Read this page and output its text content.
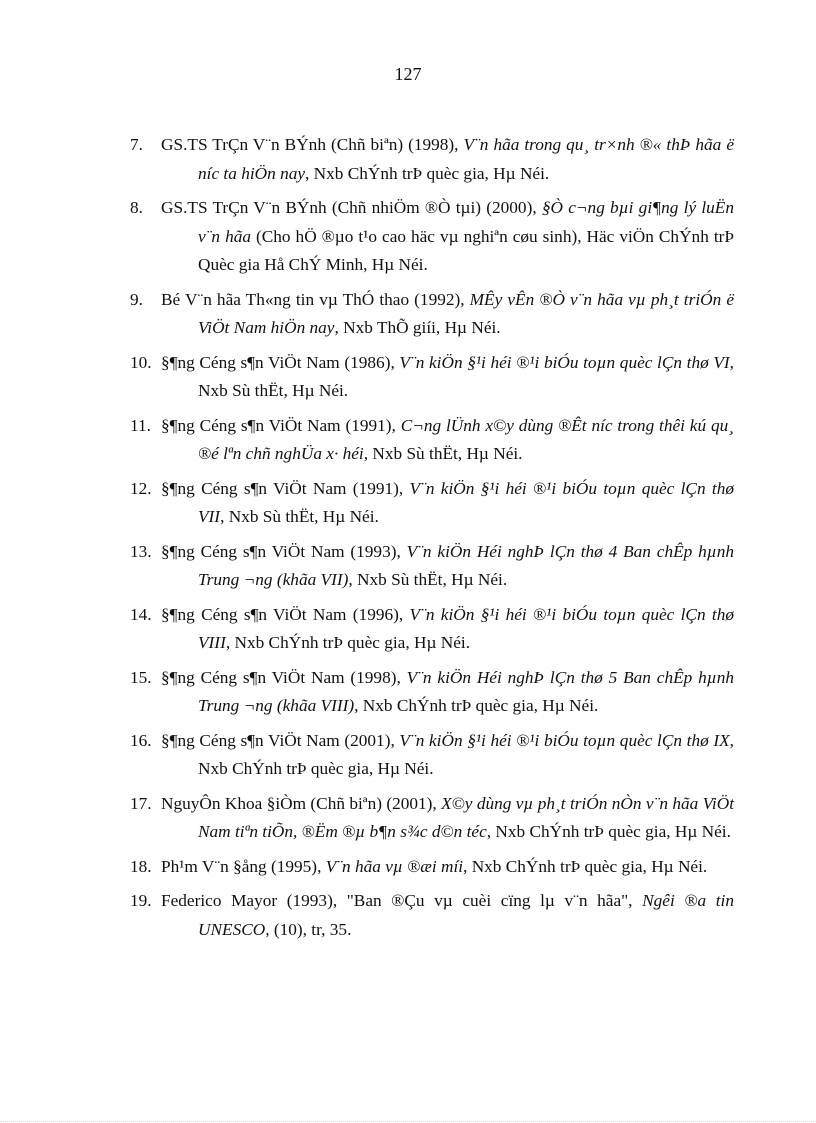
127
7.	GS.TS TrÇn V¨n BÝnh (Chñ biªn) (1998), V¨n hãa trong qu¸ tr×nh ®« thÞ hãa ë níc ta hiÖn nay, Nxb ChÝnh trÞ quèc gia, Hµ Néi.
8.	GS.TS TrÇn V¨n BÝnh (Chñ nhiÖm ®Ò tµi) (2000), §Ò c¬ng bµi gi¶ng lý luËn v¨n hãa (Cho hÖ ®µo t¹o cao häc vµ nghiªn cøu sinh), Häc viÖn ChÝnh trÞ Quèc gia Hå ChÝ Minh, Hµ Néi.
9.	Bé V¨n hãa Th«ng tin vµ ThÓ thao (1992), MÊy vÊn ®Ò v¨n hãa vµ ph¸t triÓn ë ViÖt Nam hiÖn nay, Nxb ThÕ giíi, Hµ Néi.
10. §¶ng Céng s¶n ViÖt Nam (1986), V¨n kiÖn §¹i héi ®¹i biÓu toµn quèc lÇn thø VI, Nxb Sù thËt, Hµ Néi.
11. §¶ng Céng s¶n ViÖt Nam (1991), C¬ng lÜnh x©y dùng ®Êt níc trong thêi kú qu¸ ®é lªn chñ nghÜa x· héi, Nxb Sù thËt, Hµ Néi.
12. §¶ng Céng s¶n ViÖt Nam (1991), V¨n kiÖn §¹i héi ®¹i biÓu toµn quèc lÇn thø VII, Nxb Sù thËt, Hµ Néi.
13. §¶ng Céng s¶n ViÖt Nam (1993), V¨n kiÖn Héi nghÞ lÇn thø 4 Ban chÊp hµnh Trung ¬ng (khãa VII), Nxb Sù thËt, Hµ Néi.
14. §¶ng Céng s¶n ViÖt Nam (1996), V¨n kiÖn §¹i héi ®¹i biÓu toµn quèc lÇn thø VIII, Nxb ChÝnh trÞ quèc gia, Hµ Néi.
15. §¶ng Céng s¶n ViÖt Nam (1998), V¨n kiÖn Héi nghÞ lÇn thø 5 Ban chÊp hµnh Trung ¬ng (khãa VIII), Nxb ChÝnh trÞ quèc gia, Hµ Néi.
16. §¶ng Céng s¶n ViÖt Nam (2001), V¨n kiÖn §¹i héi ®¹i biÓu toµn quèc lÇn thø IX, Nxb ChÝnh trÞ quèc gia, Hµ Néi.
17. NguyÔn Khoa §iÒm (Chñ biªn) (2001), X©y dùng vµ ph¸t triÓn nÒn v¨n hãa ViÖt Nam tiªn tiÕn, ®Ëm ®µ b¶n s¾c d©n téc, Nxb ChÝnh trÞ quèc gia, Hµ Néi.
18. Ph¹m V¨n §ång (1995), V¨n hãa vµ ®æi míi, Nxb ChÝnh trÞ quèc gia, Hµ Néi.
19. Federico Mayor (1993), "Ban ®Çu vµ cuèi cïng lµ v¨n hãa", Ngêi ®a tin UNESCO, (10), tr, 35.
